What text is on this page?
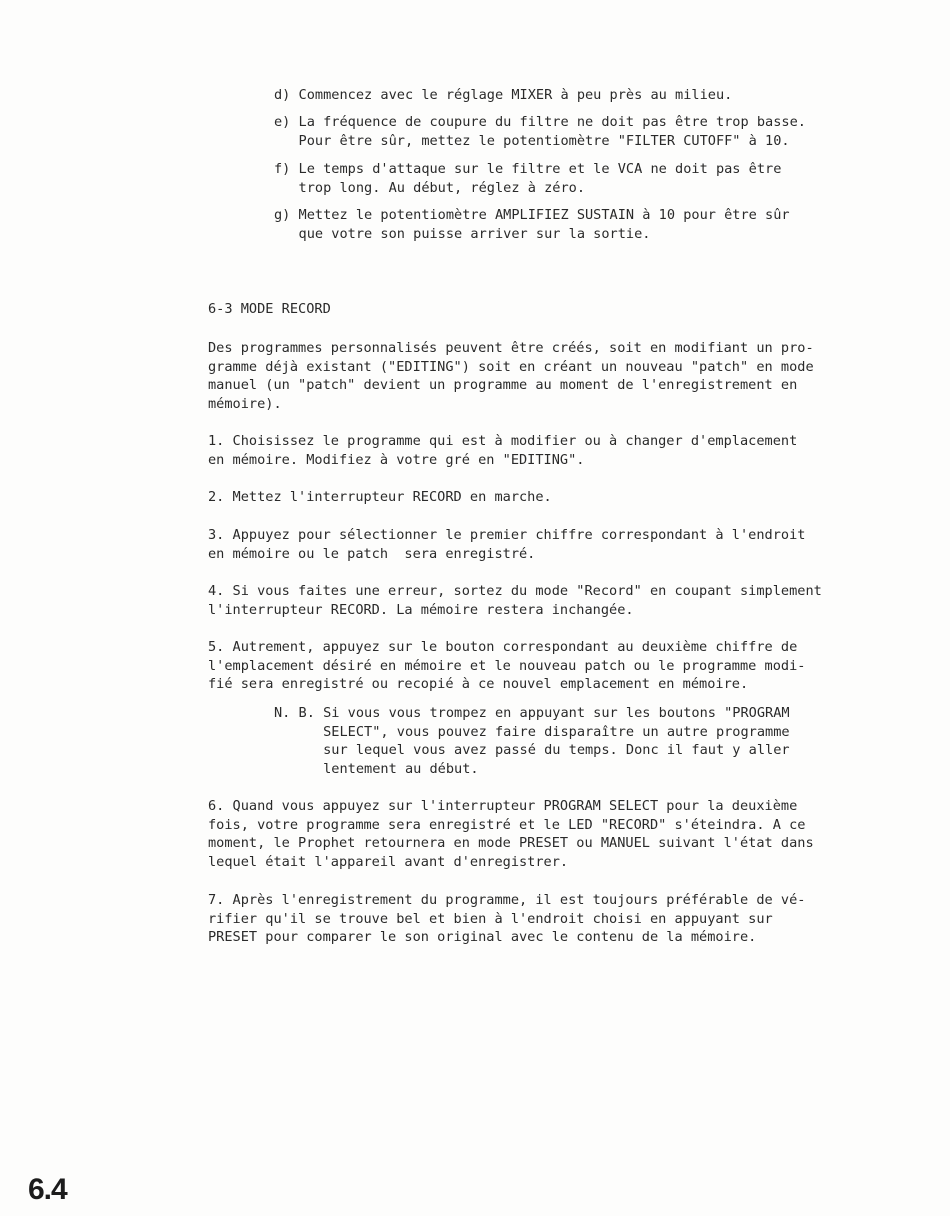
d) Commencez avec le réglage MIXER à peu près au milieu.

e) La fréquence de coupure du filtre ne doit pas être trop basse.
Pour être sûr, mettez le potentiomètre "FILTER CUTOFF" à 10.

f) Le temps d'attaque sur le filtre et le VCA ne doit pas être
trop long. Au début, réglez à zéro.

g) Mettez le potentiomètre AMPLIFIEZ SUSTAIN à 10 pour être sûr
que votre son puisse arriver sur la sortie.

6-3 MODE RECORD

Des programmes personnalisés peuvent être créés, soit en modifiant un pro-
gramme déjà existant ("EDITING") soit en créant un nouveau "patch" en mode
manuel (un "patch" devient un programme au moment de l'enregistrement en
mémoire).

1. Choisissez le programme qui est à modifier ou à changer d'emplacement
en mémoire. Modifiez à votre gré en "EDITING".

2. Mettez l'interrupteur RECORD en marche.

3. Appuyez pour sélectionner le premier chiffre correspondant à l'endroit
en mémoire ou le patch  sera enregistré.

4. Si vous faites une erreur, sortez du mode "Record" en coupant simplement
l'interrupteur RECORD. La mémoire restera inchangée.

5. Autrement, appuyez sur le bouton correspondant au deuxième chiffre de
l'emplacement désiré en mémoire et le nouveau patch ou le programme modi-
fié sera enregistré ou recopié à ce nouvel emplacement en mémoire.

N. B. Si vous vous trompez en appuyant sur les boutons "PROGRAM
SELECT", vous pouvez faire disparaître un autre programme
sur lequel vous avez passé du temps. Donc il faut y aller
lentement au début.

6. Quand vous appuyez sur l'interrupteur PROGRAM SELECT pour la deuxième
fois, votre programme sera enregistré et le LED "RECORD" s'éteindra. A ce
moment, le Prophet retournera en mode PRESET ou MANUEL suivant l'état dans
lequel était l'appareil avant d'enregistrer.

7. Après l'enregistrement du programme, il est toujours préférable de vé-
rifier qu'il se trouve bel et bien à l'endroit choisi en appuyant sur
PRESET pour comparer le son original avec le contenu de la mémoire.

6.4
